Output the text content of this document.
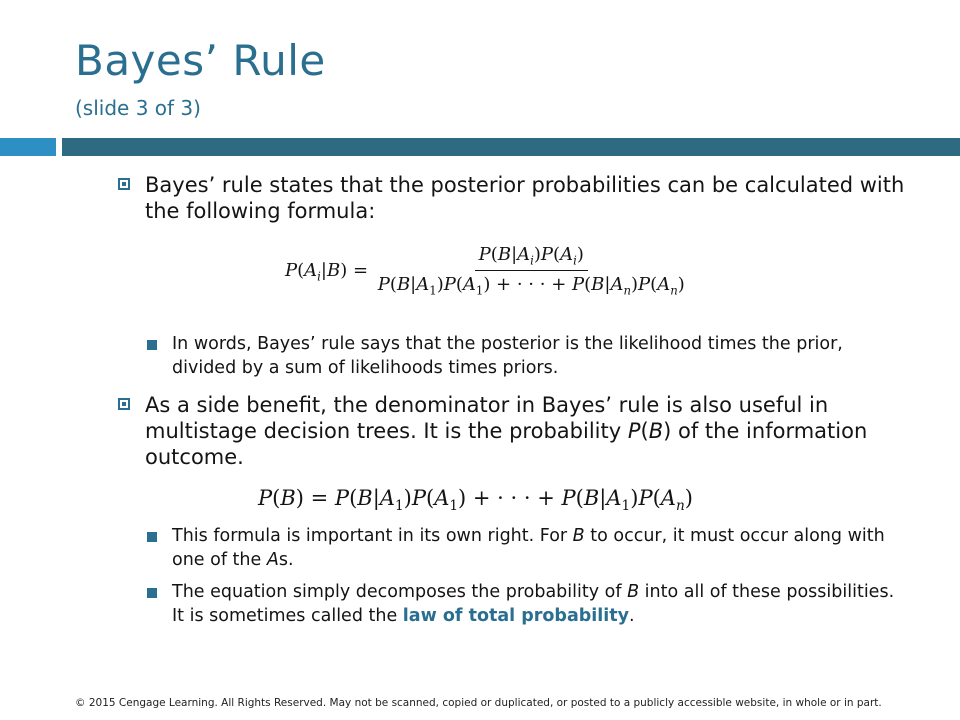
Bayes’ Rule
(slide 3 of 3)
Bayes’ rule states that the posterior probabilities can be calculated with the following formula:
$P(A_i|B) = \frac{P(B|A_i)P(A_i)}{P(B|A_1)P(A_1) + \cdot \cdot \cdot + P(B|A_n)P(A_n)}$
In words, Bayes’ rule says that the posterior is the likelihood times the prior, divided by a sum of likelihoods times priors.
As a side benefit, the denominator in Bayes’ rule is also useful in multistage decision trees. It is the probability P(B) of the information outcome.
$P(B) = P(B|A_1)P(A_1)$ + · · · + $P(B|A_1)P(A_n)$
This formula is important in its own right. For B to occur, it must occur along with one of the As.
The equation simply decomposes the probability of B into all of these possibilities. It is sometimes called the law of total probability.
© 2015 Cengage Learning. All Rights Reserved. May not be scanned, copied or duplicated, or posted to a publicly accessible website, in whole or in part.
